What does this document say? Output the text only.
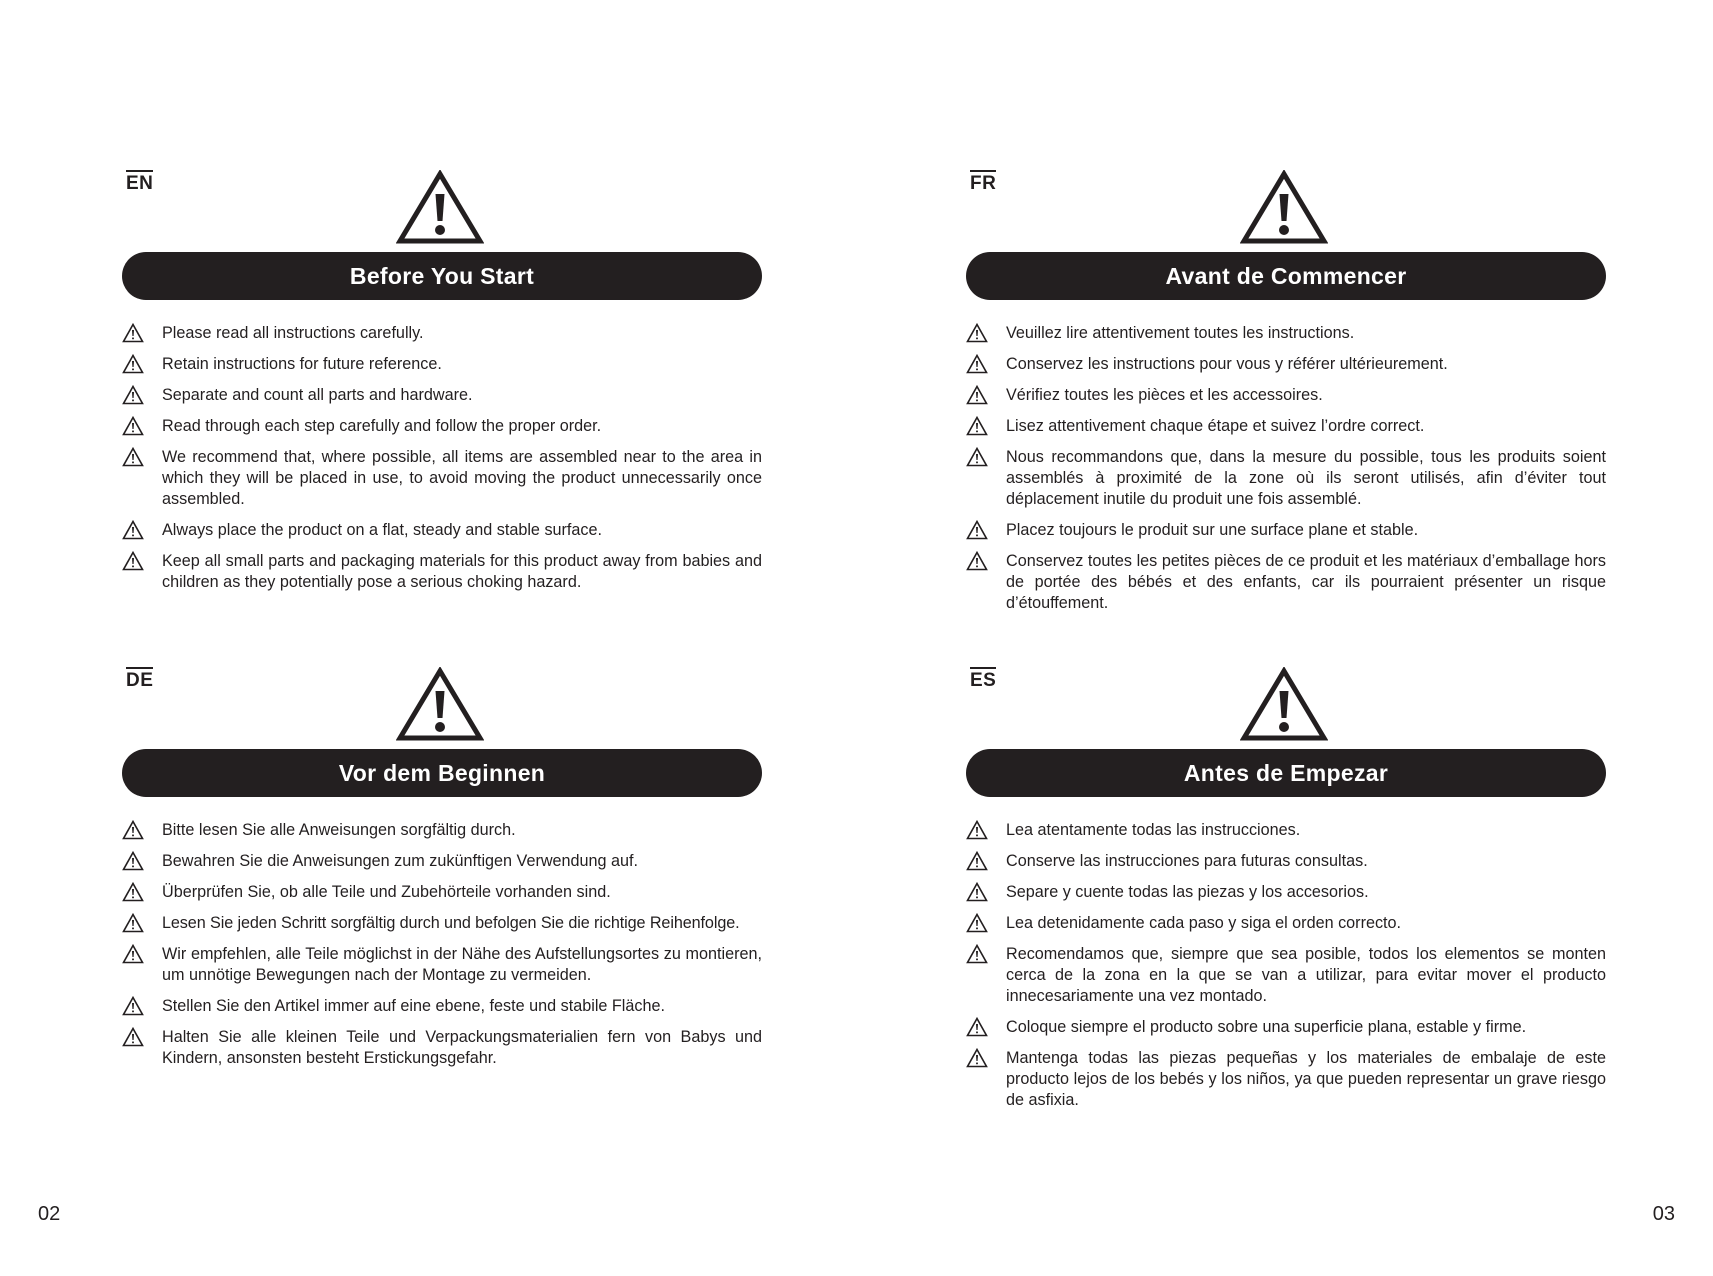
EN
Before You Start
Please read all instructions carefully.
Retain instructions for future reference.
Separate and count all parts and hardware.
Read through each step carefully and follow the proper order.
We recommend that, where possible, all items are assembled near to the area in which they will be placed in use, to avoid moving the product unnecessarily once assembled.
Always place the product on a flat, steady and stable surface.
Keep all small parts and packaging materials for this product away from babies and children as they potentially pose a serious choking hazard.
FR
Avant de Commencer
Veuillez lire attentivement toutes les instructions.
Conservez les instructions pour vous y référer ultérieurement.
Vérifiez toutes les pièces et les accessoires.
Lisez attentivement chaque étape et suivez l’ordre correct.
Nous recommandons que, dans la mesure du possible, tous les produits soient assemblés à proximité de la zone où ils seront utilisés, afin d’éviter tout déplacement inutile du produit une fois assemblé.
Placez toujours le produit sur une surface plane et stable.
Conservez toutes les petites pièces de ce produit et les matériaux d’emballage hors de portée des bébés et des enfants, car ils pourraient présenter un risque d’étouffement.
DE
Vor dem Beginnen
Bitte lesen Sie alle Anweisungen sorgfältig durch.
Bewahren Sie die Anweisungen zum zukünftigen Verwendung auf.
Überprüfen Sie, ob alle Teile und Zubehörteile vorhanden sind.
Lesen Sie jeden Schritt sorgfältig durch und befolgen Sie die richtige Reihenfolge.
Wir empfehlen, alle Teile möglichst in der Nähe des Aufstellungsortes zu montieren, um unnötige Bewegungen nach der Montage zu vermeiden.
Stellen Sie den Artikel immer auf eine ebene, feste und stabile Fläche.
Halten Sie alle kleinen Teile und Verpackungsmaterialien fern von Babys und Kindern, ansonsten besteht Erstickungsgefahr.
ES
Antes de Empezar
Lea atentamente todas las instrucciones.
Conserve las instrucciones para futuras consultas.
Separe y cuente todas las piezas y los accesorios.
Lea detenidamente cada paso y siga el orden correcto.
Recomendamos que, siempre que sea posible, todos los elementos se monten cerca de la zona en la que se van a utilizar, para evitar mover el producto innecesariamente una vez montado.
Coloque siempre el producto sobre una superficie plana, estable y firme.
Mantenga todas las piezas pequeñas y los materiales de embalaje de este producto lejos de los bebés y los niños, ya que pueden representar un grave riesgo de asfixia.
02	03
